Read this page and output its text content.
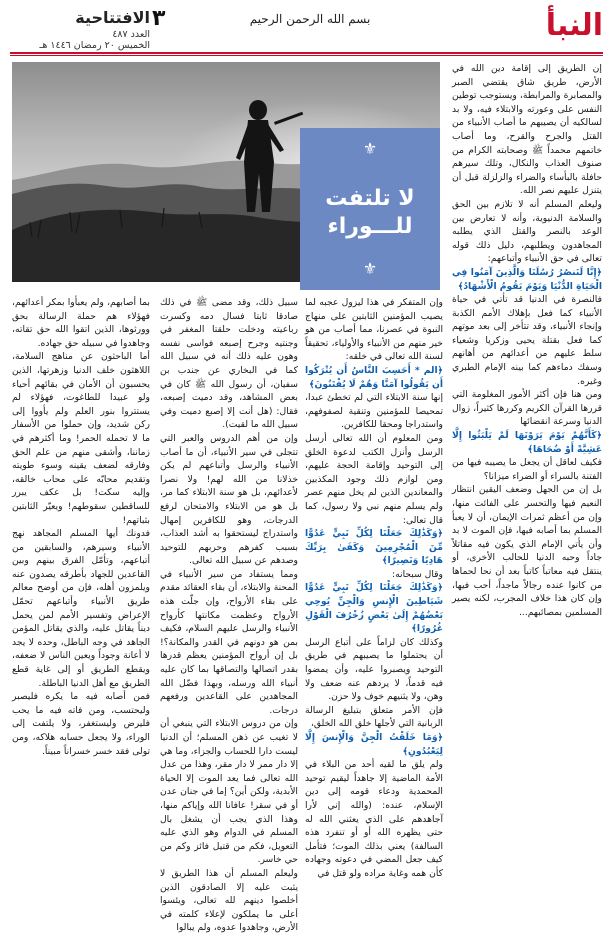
النبأ
بسم الله الرحمن الرحيم
الافتتاحية ٣
العدد ٤٨٧
الخميس ٢٠ رمضان ١٤٤٦ هـ
⚜
لا تلتفت
للـــوراء
⚜

إن الطريق إلى إقامة دين الله في الأرض، طريق شاق يقتضي الصبر والمصابرة والمرابطة، ويستوجب توطين النفس على وعورته والابتلاء فيه، ولا بد لسالكيه أن يصيبهم ما أصاب الأنبياء من القتل والجرح والقرح، وما أصاب خاتمهم محمداً ﷺ وصحابته الكرام من صنوف العذاب والنكال، وتلك سيرهم حافلة بالبأساء والضراء والزلزلة قبل أن يتنزل عليهم نصر الله.

وليعلم المسلم أنه لا تلازم بين الحق والسلامة الدنيوية، وأنه لا تعارض بين الوعد بالنصر والقتل الذي يطلبه المجاهدون ويطلبهم، دليل ذلك قوله تعالى في حق الأنبياء وأتباعهم:

﴿إِنَّا لَنَنصُرُ رُسُلَنَا وَالَّذِينَ آمَنُوا فِي الْحَيَاةِ الدُّنْيَا وَيَوْمَ يَقُومُ الْأَشْهَادُ﴾

فالنصرة في الدنيا قد تأتي في حياة الأنبياء كما فعل بإهلاك الأمم الكذبة وإنجاء الأنبياء، وقد تتأخر إلى بعد موتهم كما فعل بقتلة يحيى وزكريا وشعياء سلط عليهم من أعدائهم من أهانهم وسفك دماءهم كما بينه الإمام الطبري وغيره.

ومن هنا فإن أكثر الأمور المغلومة التي قررها القرآن الكريم وكررها كثيراً، زوال الدنيا وسرعة انقضائها

﴿كَأَنَّهُمْ يَوْمَ يَرَوْنَهَا لَمْ يَلْبَثُوا إِلَّا عَشِيَّةً أَوْ ضُحَاهَا﴾

فكيف لعاقل أن يجعل ما يصيبه فيها من الفتنة بالسراء أو الضراء ميزانا؟

بل إن من الجهل وضعف اليقين انتظار النعيم فيها والتحسر على الفائت منها، وإن من أعظم ثمرات الإيمان، أن لا يعبأ المسلم بما أصابه فيها، فإن الموت لا بد وأن يأتي الإمام الذي يكون فيه مقاتلاً جاداً وحبه الدنيا للحالب الأخرى، أو ينتقل فيه معاتباً كاتباً بعد أن نحا لحماها من كانوا عنده رجالاً ماجداً، أحب فيها، وإن كان هذا خلاف المجرب، لكنه يصير المسلمين بمصائبهم...

وإن المتفكر في هذا ليزول عجبه لما يصيب المؤمنين الثابتين على منهاج النبوة في عصرنا، مما أصاب من هو خير منهم من الأنبياء والأولياء، تحقيقاً لسنة الله تعالى في خلقه:

﴿الم * أَحَسِبَ النَّاسُ أَن يُتْرَكُوا أَن يَقُولُوا آمَنَّا وَهُمْ لَا يُفْتَنُونَ﴾

إنها سنة الابتلاء التي لم تخطئ عبدا، تمحيصا للمؤمنين وتنقية لصفوفهم، واستدراجا ومحقا للكافرين.

ومن المعلوم أن الله تعالى أرسل الرسل وأنزل الكتب لدعوة الخلق إلى التوحيد وإقامة الحجة عليهم، ومن لوازم ذلك وجود المكذبين والمعاندين الذين لم يخل منهم عصر ولم يسلم منهم نبي ولا رسول، كما قال تعالى:

﴿وَكَذَٰلِكَ جَعَلْنَا لِكُلِّ نَبِيٍّ عَدُوًّا مِّنَ الْمُجْرِمِينَ وَكَفَىٰ بِرَبِّكَ هَادِيًا وَنَصِيرًا﴾

وقال سبحانه:

﴿وَكَذَٰلِكَ جَعَلْنَا لِكُلِّ نَبِيٍّ عَدُوًّا شَيَاطِينَ الْإِنسِ وَالْجِنِّ يُوحِي بَعْضُهُمْ إِلَىٰ بَعْضٍ زُخْرُفَ الْقَوْلِ غُرُورًا﴾

وكذلك كان لزاماً على أتباع الرسل أن يحتملوا ما يصيبهم في طريق التوحيد ويصبروا عليه، وأن يمضوا فيه قدماً، لا يردهم عنه ضعف ولا وهن، ولا يثنيهم خوف ولا حزن.

فإن الأمر متعلق بتبليغ الرسالة الربانية التي لأجلها خلق الله الخلق،

﴿وَمَا خَلَقْتُ الْجِنَّ وَالْإِنسَ إِلَّا لِيَعْبُدُونِ﴾

ولم يلق ما لقيه أحد من البلاء في الأمة الماضية إلا جاهداً ليقيم توحيد المحمدية ودعاء قومه إلى دين الإسلام، عنده: (والله إني لأرا آجاهدهم على الذي يعثني الله له حتى يظهره الله أو أو تنفرد هذه السالفة) يعني بذلك الموت؛ فتأمل كيف جعل المضي في دعوته وجهاده كأن همه وغاية مراده ولو قتل في

سبيل ذلك، وقد مضى ﷺ في ذلك صادقا ثابتا فسال دمه وكسرت رباعيته ودخلت حلقتا المغفر في وجنتيه وجرح إصبعه فواسى نفسه وهون عليه ذلك أنه في سبيل الله كما في البخاري عن جندب بن سفيان، أن رسول الله ﷺ كان في بعض المشاهد، وقد دميت إصبعه، فقال: (هل أنت إلا إصبع دميت وفي سبيل الله ما لقيت).

وإن من أهم الدروس والعبر التي تتجلى في سير الأنبياء، أن ما أصاب الأنبياء والرسل وأتباعهم لم يكن خذلانا من الله لهم! ولا نصرا لأعدائهم، بل هو سنة الابتلاء كما مر، بل هو من الابتلاء والامتحان لرفع الدرجات، وهو للكافرين إمهال واستدراج ليستحقوا به أشد العذاب، بسبب كفرهم وحربهم للتوحيد وصدهم عن سبيل الله تعالى.

ومما يستفاد من سير الأنبياء في المحنة والابتلاء، أن بقاء العقائد مقدم على بقاء الأرواح، وإن جلّت هذه الأرواح وعظمت مكانتها كأرواح الأنبياء والرسل عليهم السلام، فكيف بمن هو دونهم في القدر والمكانة؟! بل إن أرواح المؤمنين يعظم قدرها بقدر اتصالها والتصاقها بما كان عليه أنبياء الله ورسله، وبهذا فضّل الله المجاهدين على القاعدين ورفعهم درجات.

وإن من دروس الابتلاء التي ينبغي أن لا تغيب عن ذهن المسلم؛ أن الدنيا ليست دارا للحساب والجزاء، وما هي إلا دار ممر لا دار مقر، وهذا من عدل الله تعالى فما يعد الموت إلا الحياة الأبدية، ولكن أين؟ إما في جنان عدن أو في سقر! عافانا الله وإياكم منها، وهذا الذي يجب أن يشغل بال المسلم في الدوام وهو الذي عليه التعويل، فكم من قتيل فائز وكم من حي خاسر.

وليعلم المسلم أن هذا الطريق لا يثبت عليه إلا الصادقون الذين أخلصوا دينهم لله تعالى، ويئسوا أعلى ما يملكون لإعلاء كلمته في الأرض، وجاهدوا عدوه، ولم يبالوا

بما أصابهم، ولم يعبأوا بمكر أعدائهم، فهؤلاء هم حملة الرسالة بحق وورثوها، الذين اتقوا الله حق تقاته، وجاهدوا في سبيله حق جهاده.

أما الباحثون عن مناهج السلامة، اللاهثون خلف الدنيا وزهرتها، الذين يحسبون أن الأمان في بقائهم أحياء ولو عبيدا للطاغوت، فهؤلاء لم يستتروا بنور العلم ولم يأووا إلى ركن شديد، وإن حملوا من الأسفار ما لا تحمله الحمر! وما أكثرهم في زماننا، وأشقى منهم من علم الحق وفارقه لضعف يقينه وسوء طويته وتقديم محابّه على محاب خالقه، وإليه سكت! بل عكف يبرر للساقطين سقوطهم! ويعيّر الثابتين بثباتهم!

فدونك أيها المسلم المجاهد نهج الأنبياء وسيرهم، والسابقين من أتباعهم، وتأمّل الفرق بينهم وبين القاعدين للجهاد بأطرقه يصدون عنه ويلمزون أهله، فإن من أوضح معالم طريق الأنبياء وأتباعهم تحمّل الإعراض وتفسير الأمم لمن يحمل ديناً يقاتل عليه، والذي يقاتل المؤمن الجاهد في وجه الباطل، وحده لا يجد لا أعانة وجوداً ويعين الناس لا ضعفه، ويقطع الطريق أو إلى غاية قطع الطريق مع أهل الدنيا الباطلة.

فمن أصابه فيه ما يكره فليصبر وليحتسب، ومن فاته فيه ما يحب فليرض وليستغفر، ولا يلتفت إلى الوراء، ولا يجعل حسابه هلاكه، ومن تولى فقد خسر خسراناً مبيناً.
